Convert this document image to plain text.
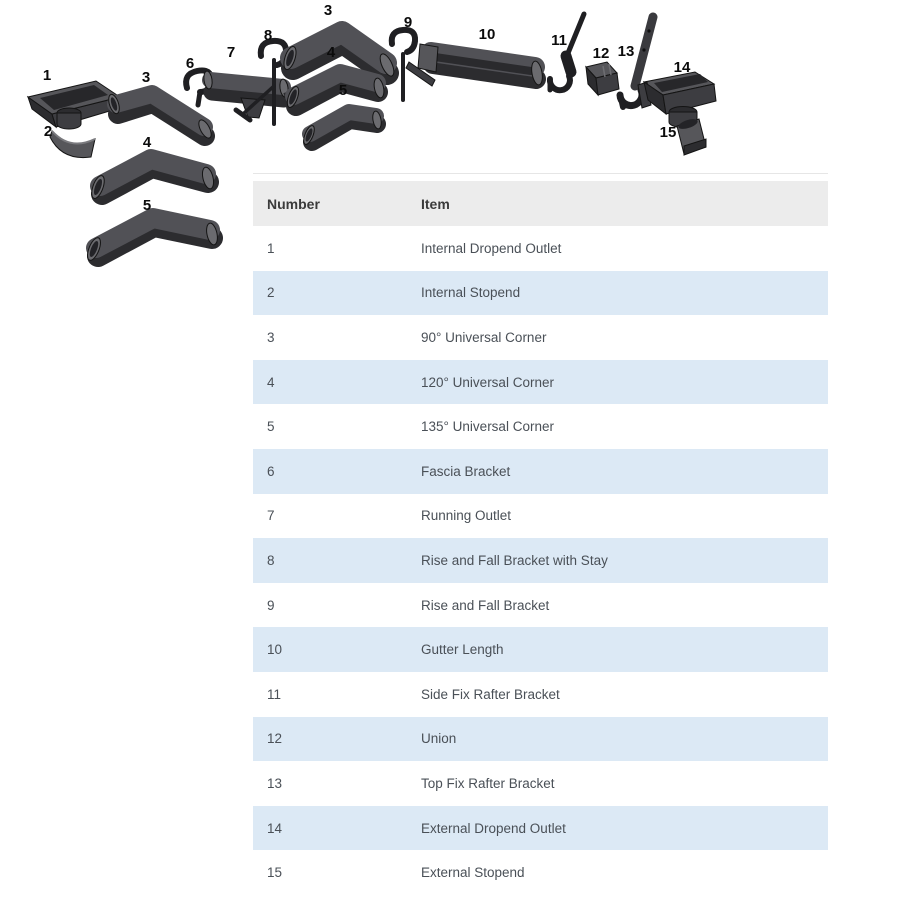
1
2
3
4
5
6
7
8
3
4
5
9
10	11
12 13
14
15
Number	Item
1	Internal Dropend Outlet
2	Internal Stopend
3	90° Universal Corner
4	120° Universal Corner
5	135° Universal Corner
6	Fascia Bracket
7	Running Outlet
8	Rise and Fall Bracket with Stay
9	Rise and Fall Bracket
10	Gutter Length
11	Side Fix Rafter Bracket
12	Union
13	Top Fix Rafter Bracket
14	External Dropend Outlet
15	External Stopend
